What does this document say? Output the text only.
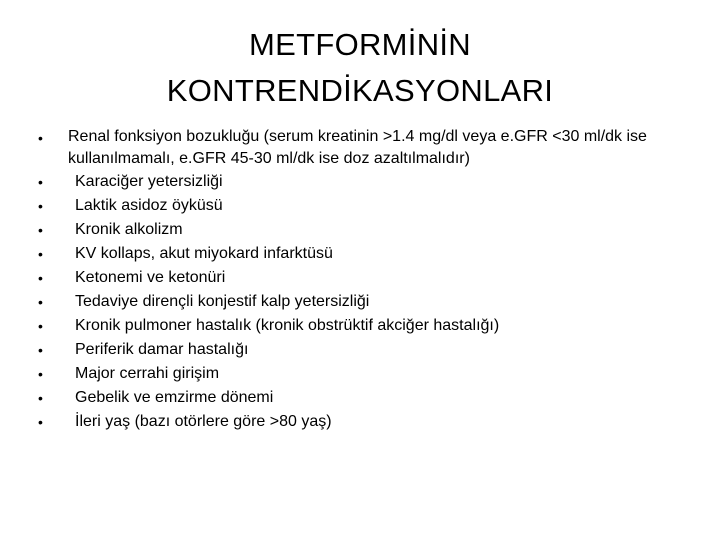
METFORMİNİN
KONTRENDİKASYONLARI
•	Renal fonksiyon bozukluğu (serum kreatinin >1.4 mg/dl veya e.GFR <30 ml/dk ise kullanılmamalı, e.GFR 45-30 ml/dk ise doz azaltılmalıdır)
•	Karaciğer yetersizliği
•	Laktik asidoz öyküsü
•	Kronik alkolizm
•	KV kollaps, akut miyokard infarktüsü
•	Ketonemi ve ketonüri
•	Tedaviye dirençli konjestif kalp yetersizliği
•	Kronik pulmoner hastalık (kronik obstrüktif akciğer hastalığı)
•	Periferik damar hastalığı
•	Major cerrahi girişim
•	Gebelik ve emzirme dönemi
•	İleri yaş (bazı otörlere göre >80 yaş)
